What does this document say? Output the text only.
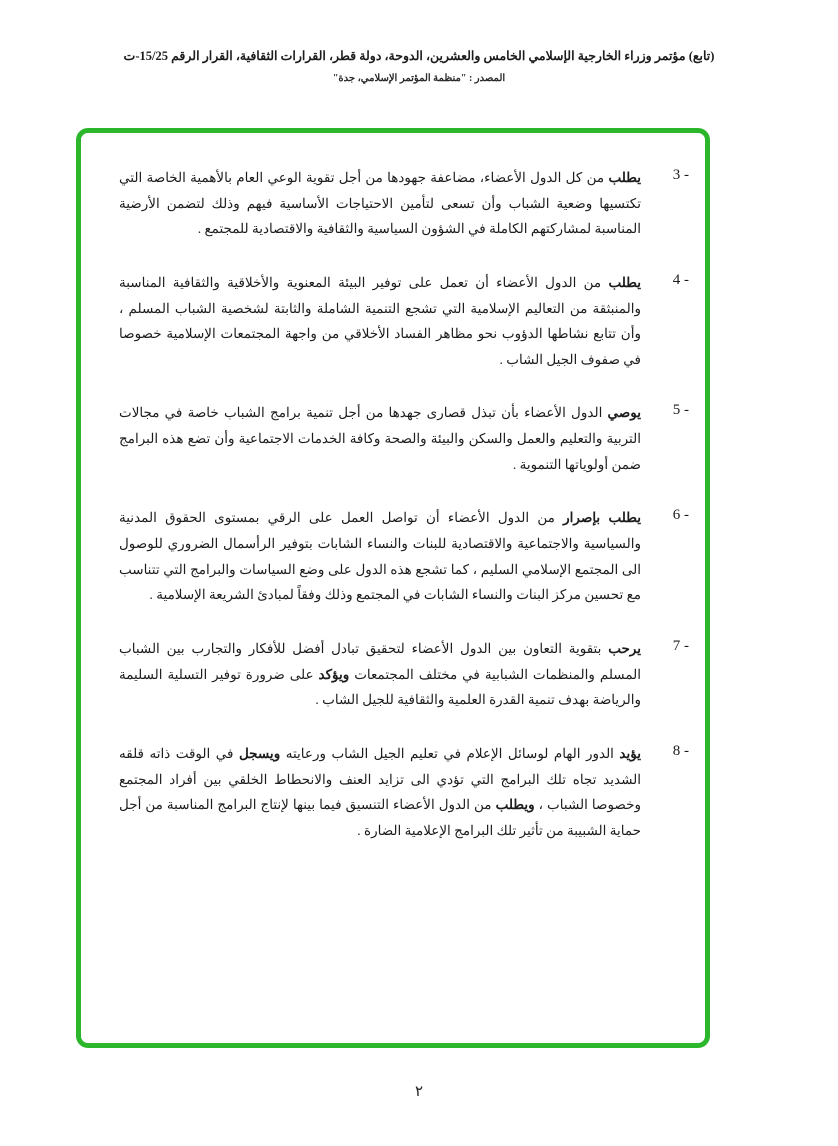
(تابع) مؤتمر وزراء الخارجية الإسلامي الخامس والعشرين، الدوحة، دولة قطر، القرارات الثقافية، القرار الرقم 15/25-ت
المصدر : "منظمة المؤتمر الإسلامي، جدة"
3 -
يطلب من كل الدول الأعضاء، مضاعفة جهودها من أجل تقوية الوعي العام بالأهمية الخاصة التي تكتسيها وضعية الشباب وأن تسعى لتأمين الاحتياجات الأساسية فيهم وذلك لتضمن الأرضية المناسبة لمشاركتهم الكاملة في الشؤون السياسية والثقافية والاقتصادية للمجتمع .
4 -
يطلب من الدول الأعضاء أن تعمل على توفير البيئة المعنوية والأخلاقية والثقافية المناسبة والمنبثقة من التعاليم الإسلامية التي تشجع التنمية الشاملة والثابتة لشخصية الشباب المسلم ، وأن تتابع نشاطها الدؤوب نحو مظاهر الفساد الأخلاقي من واجهة المجتمعات الإسلامية خصوصا في صفوف الجيل الشاب .
5 -
يوصي الدول الأعضاء بأن تبذل قصارى جهدها من أجل تنمية برامج الشباب خاصة في مجالات التربية والتعليم والعمل والسكن والبيئة والصحة وكافة الخدمات الاجتماعية وأن تضع هذه البرامج ضمن أولوياتها التنموية .
6 -
يطلب بإصرار من الدول الأعضاء أن تواصل العمل على الرقي بمستوى الحقوق المدنية والسياسية والاجتماعية والاقتصادية للبنات والنساء الشابات بتوفير الرأسمال الضروري للوصول الى المجتمع الإسلامي السليم ، كما تشجع هذه الدول على وضع السياسات والبرامج التي تتناسب مع تحسين مركز البنات والنساء الشابات في المجتمع وذلك وفقاً لمبادئ الشريعة الإسلامية .
7 -
يرحب بتقوية التعاون بين الدول الأعضاء لتحقيق تبادل أفضل للأفكار والتجارب بين الشباب المسلم والمنظمات الشبابية في مختلف المجتمعات ويؤكد على ضرورة توفير التسلية السليمة والرياضة بهدف تنمية القدرة العلمية والثقافية للجيل الشاب .
8 -
يؤيد الدور الهام لوسائل الإعلام في تعليم الجيل الشاب ورعايته ويسجل في الوقت ذاته قلقه الشديد تجاه تلك البرامج التي تؤدي الى تزايد العنف والانحطاط الخلقي بين أفراد المجتمع وخصوصا الشباب ، ويطلب من الدول الأعضاء التنسيق فيما بينها لإنتاج البرامج المناسبة من أجل حماية الشبيبة من تأثير تلك البرامج الإعلامية الضارة .
٢
